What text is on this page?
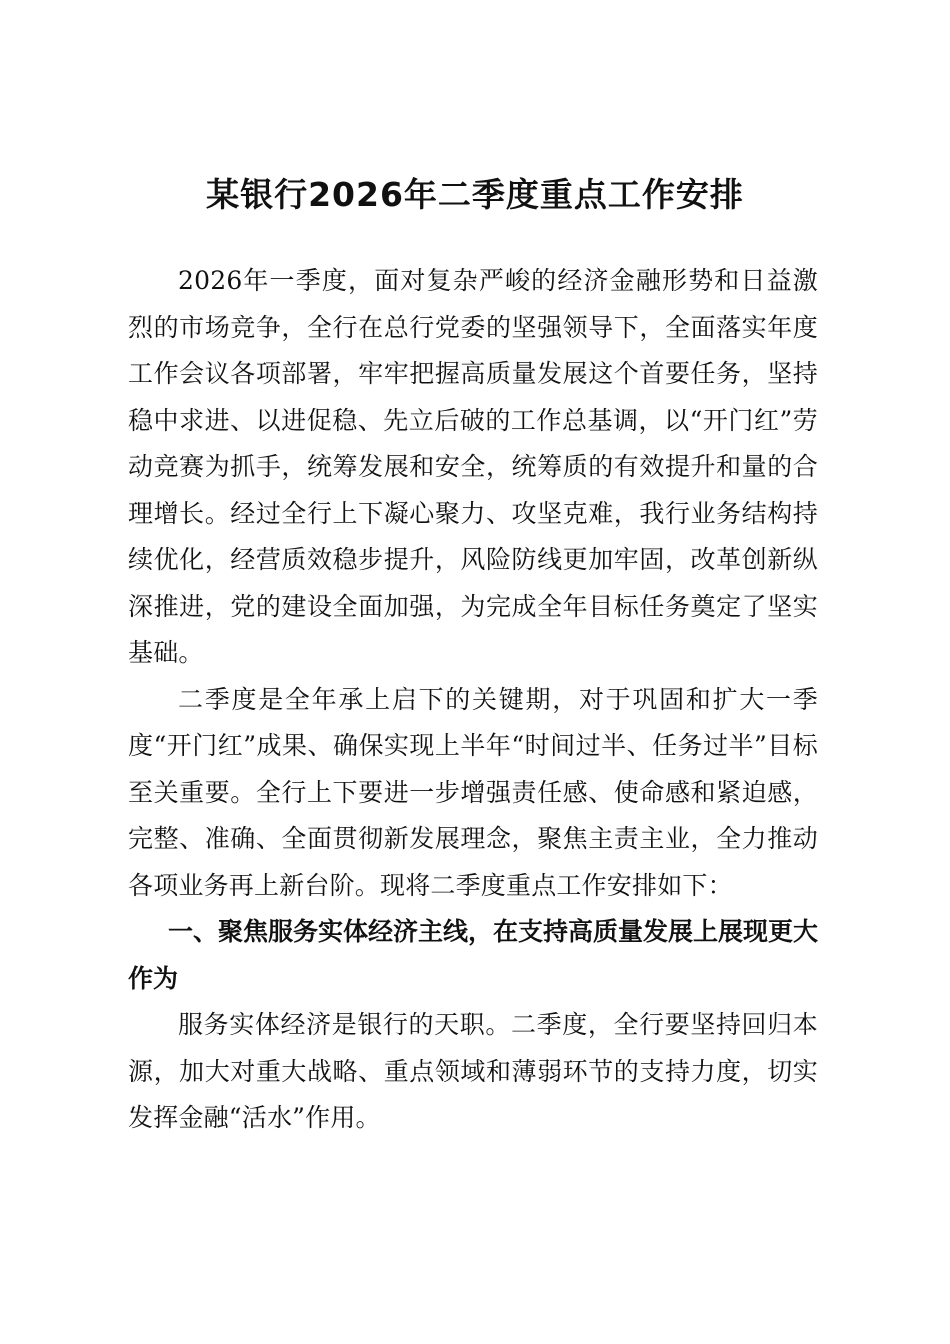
某银行2026年二季度重点工作安排

2026年一季度，面对复杂严峻的经济金融形势和日益激烈的市场竞争，全行在总行党委的坚强领导下，全面落实年度工作会议各项部署，牢牢把握高质量发展这个首要任务，坚持稳中求进、以进促稳、先立后破的工作总基调，以“开门红”劳动竞赛为抓手，统筹发展和安全，统筹质的有效提升和量的合理增长。经过全行上下凝心聚力、攻坚克难，我行业务结构持续优化，经营质效稳步提升，风险防线更加牢固，改革创新纵深推进，党的建设全面加强，为完成全年目标任务奠定了坚实基础。

二季度是全年承上启下的关键期，对于巩固和扩大一季度“开门红”成果、确保实现上半年“时间过半、任务过半”目标至关重要。全行上下要进一步增强责任感、使命感和紧迫感，完整、准确、全面贯彻新发展理念，聚焦主责主业，全力推动各项业务再上新台阶。现将二季度重点工作安排如下：

一、聚焦服务实体经济主线，在支持高质量发展上展现更大作为

服务实体经济是银行的天职。二季度，全行要坚持回归本源，加大对重大战略、重点领域和薄弱环节的支持力度，切实发挥金融“活水”作用。
